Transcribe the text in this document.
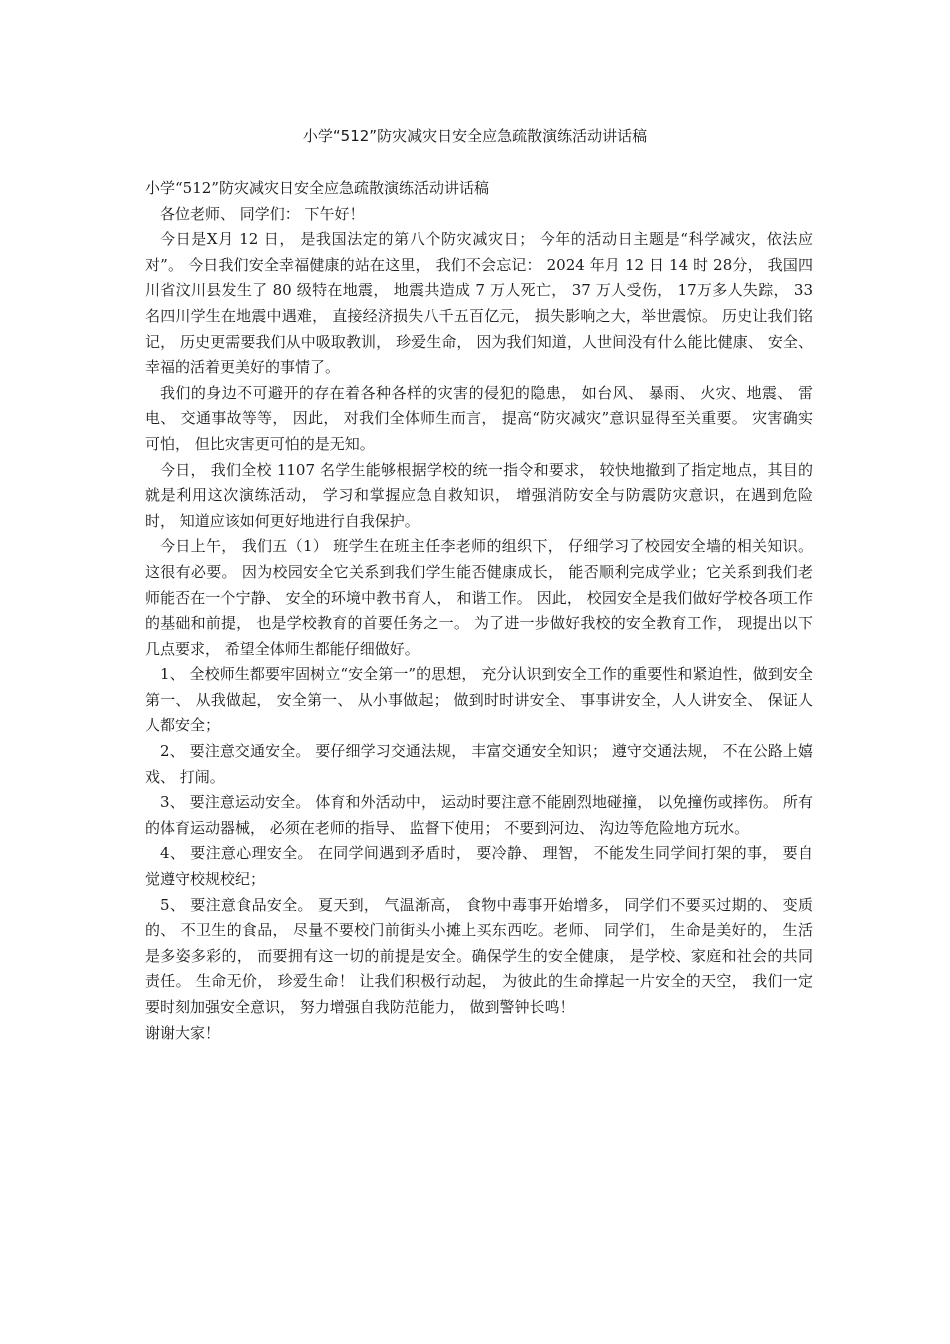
小学“512”防灾减灾日安全应急疏散演练活动讲话稿

小学“512”防灾减灾日安全应急疏散演练活动讲话稿

各位老师、 同学们： 下午好！

今日是X月 12 日， 是我国法定的第八个防灾减灾日； 今年的活动日主题是“科学减灾，依法应对”。 今日我们安全幸福健康的站在这里， 我们不会忘记： 2024 年月 12 日 14 时 28分， 我国四川省汶川县发生了 80 级特在地震， 地震共造成 7 万人死亡， 37 万人受伤， 17万多人失踪， 33 名四川学生在地震中遇难， 直接经济损失八千五百亿元， 损失影响之大，举世震惊。 历史让我们铭记， 历史更需要我们从中吸取教训， 珍爱生命， 因为我们知道，人世间没有什么能比健康、 安全、 幸福的活着更美好的事情了。

我们的身边不可避开的存在着各种各样的灾害的侵犯的隐患， 如台风、 暴雨、 火灾、地震、 雷电、 交通事故等等， 因此， 对我们全体师生而言， 提高“防灾减灾”意识显得至关重要。 灾害确实可怕， 但比灾害更可怕的是无知。

今日， 我们全校 1107 名学生能够根据学校的统一指令和要求， 较快地撤到了指定地点，其目的就是利用这次演练活动， 学习和掌握应急自救知识， 增强消防安全与防震防灾意识，在遇到危险时， 知道应该如何更好地进行自我保护。

今日上午， 我们五（1） 班学生在班主任李老师的组织下， 仔细学习了校园安全墙的相关知识。 这很有必要。 因为校园安全它关系到我们学生能否健康成长， 能否顺利完成学业；它关系到我们老师能否在一个宁静、 安全的环境中教书育人， 和谐工作。 因此， 校园安全是我们做好学校各项工作的基础和前提， 也是学校教育的首要任务之一。 为了进一步做好我校的安全教育工作， 现提出以下几点要求， 希望全体师生都能仔细做好。

1、 全校师生都要牢固树立“安全第一”的思想， 充分认识到安全工作的重要性和紧迫性，做到安全第一、 从我做起， 安全第一、 从小事做起； 做到时时讲安全、 事事讲安全，人人讲安全、 保证人人都安全；

2、 要注意交通安全。 要仔细学习交通法规， 丰富交通安全知识； 遵守交通法规， 不在公路上嬉戏、 打闹。

3、 要注意运动安全。 体育和外活动中， 运动时要注意不能剧烈地碰撞， 以免撞伤或摔伤。 所有的体育运动器械， 必须在老师的指导、 监督下使用； 不要到河边、 沟边等危险地方玩水。

4、 要注意心理安全。 在同学间遇到矛盾时， 要冷静、 理智， 不能发生同学间打架的事， 要自觉遵守校规校纪；

5、 要注意食品安全。 夏天到， 气温渐高， 食物中毒事开始增多， 同学们不要买过期的、 变质的、 不卫生的食品， 尽量不要校门前街头小摊上买东西吃。老师、 同学们， 生命是美好的， 生活是多姿多彩的， 而要拥有这一切的前提是安全。确保学生的安全健康， 是学校、家庭和社会的共同责任。 生命无价， 珍爱生命！ 让我们积极行动起， 为彼此的生命撑起一片安全的天空， 我们一定要时刻加强安全意识， 努力增强自我防范能力， 做到警钟长鸣！

谢谢大家！
